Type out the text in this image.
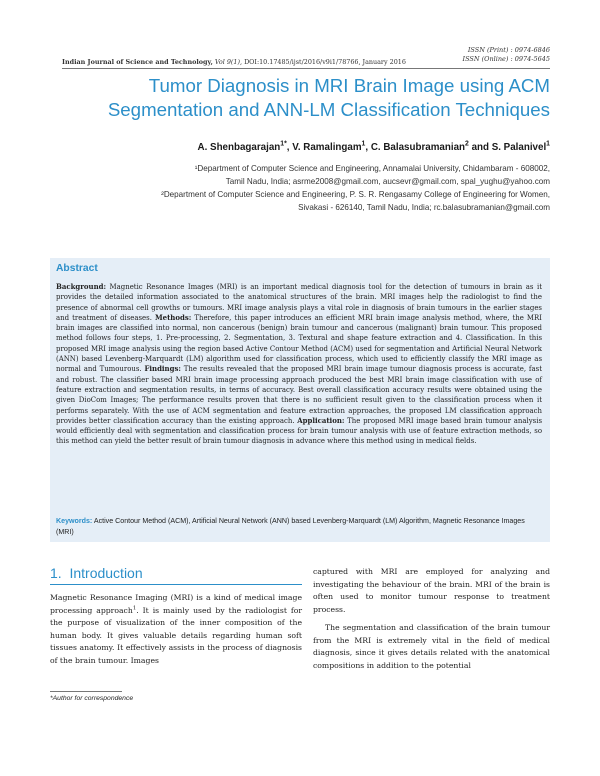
ISSN (Print) : 0974-6846
ISSN (Online) : 0974-5645
Indian Journal of Science and Technology, Vol 9(1), DOI:10.17485/ijst/2016/v9i1/78766, January 2016
Tumor Diagnosis in MRI Brain Image using ACM
Segmentation and ANN-LM Classification Techniques
A. Shenbagarajan$^{1*}$, V. Ramalingam$^1$, C. Balasubramanian$^2$ and S. Palanivel$^1$
¹Department of Computer Science and Engineering, Annamalai University, Chidambaram - 608002,
Tamil Nadu, India; asrme2008@gmail.com, aucsevr@gmail.com, spal_yughu@yahoo.com
²Department of Computer Science and Engineering, P. S. R. Rengasamy College of Engineering for Women,
Sivakasi - 626140, Tamil Nadu, India; rc.balasubramanian@gmail.com
Abstract
Background: Magnetic Resonance Images (MRI) is an important medical diagnosis tool for the detection of tumours in brain as it provides the detailed information associated to the anatomical structures of the brain. MRI images help the radiologist to find the presence of abnormal cell growths or tumours. MRI image analysis plays a vital role in diagnosis of brain tumours in the earlier stages and treatment of diseases. Methods: Therefore, this paper introduces an efficient MRI brain image analysis method, where, the MRI brain images are classified into normal, non cancerous (benign) brain tumour and cancerous (malignant) brain tumour. This proposed method follows four steps, 1. Pre-processing, 2. Segmentation, 3. Textural and shape feature extraction and 4. Classification. In this proposed MRI image analysis using the region based Active Contour Method (ACM) used for segmentation and Artificial Neural Network (ANN) based Levenberg-Marquardt (LM) algorithm used for classification process, which used to efficiently classify the MRI image as normal and Tumourous. Findings: The results revealed that the proposed MRI brain image tumour diagnosis process is accurate, fast and robust. The classifier based MRI brain image processing approach produced the best MRI brain image classification with use of feature extraction and segmentation results, in terms of accuracy. Best overall classification accuracy results were obtained using the given DioCom Images; The performance results proven that there is no sufficient result given to the classification process when it performs separately. With the use of ACM segmentation and feature extraction approaches, the proposed LM classification approach provides better classification accuracy than the existing approach. Application: The proposed MRI image based brain tumour analysis would efficiently deal with segmentation and classification process for brain tumour analysis with use of feature extraction methods, so this method can yield the better result of brain tumour diagnosis in advance where this method using in medical fields.
Keywords: Active Contour Method (ACM), Artificial Neural Network (ANN) based Levenberg-Marquardt (LM) Algorithm, Magnetic Resonance Images (MRI)
1. Introduction

Magnetic Resonance Imaging (MRI) is a kind of medical image processing approach$^1$. It is mainly used by the radiologist for the purpose of visualization of the inner composition of the human body. It gives valuable details regarding human soft tissues anatomy. It effectively assists in the process of diagnosis of the brain tumour. Images

captured with MRI are employed for analyzing and investigating the behaviour of the brain. MRI of the brain is often used to monitor tumour response to treatment process.

The segmentation and classification of the brain tumour from the MRI is extremely vital in the field of medical diagnosis, since it gives details related with the anatomical compositions in addition to the potential

*Author for correspondence
